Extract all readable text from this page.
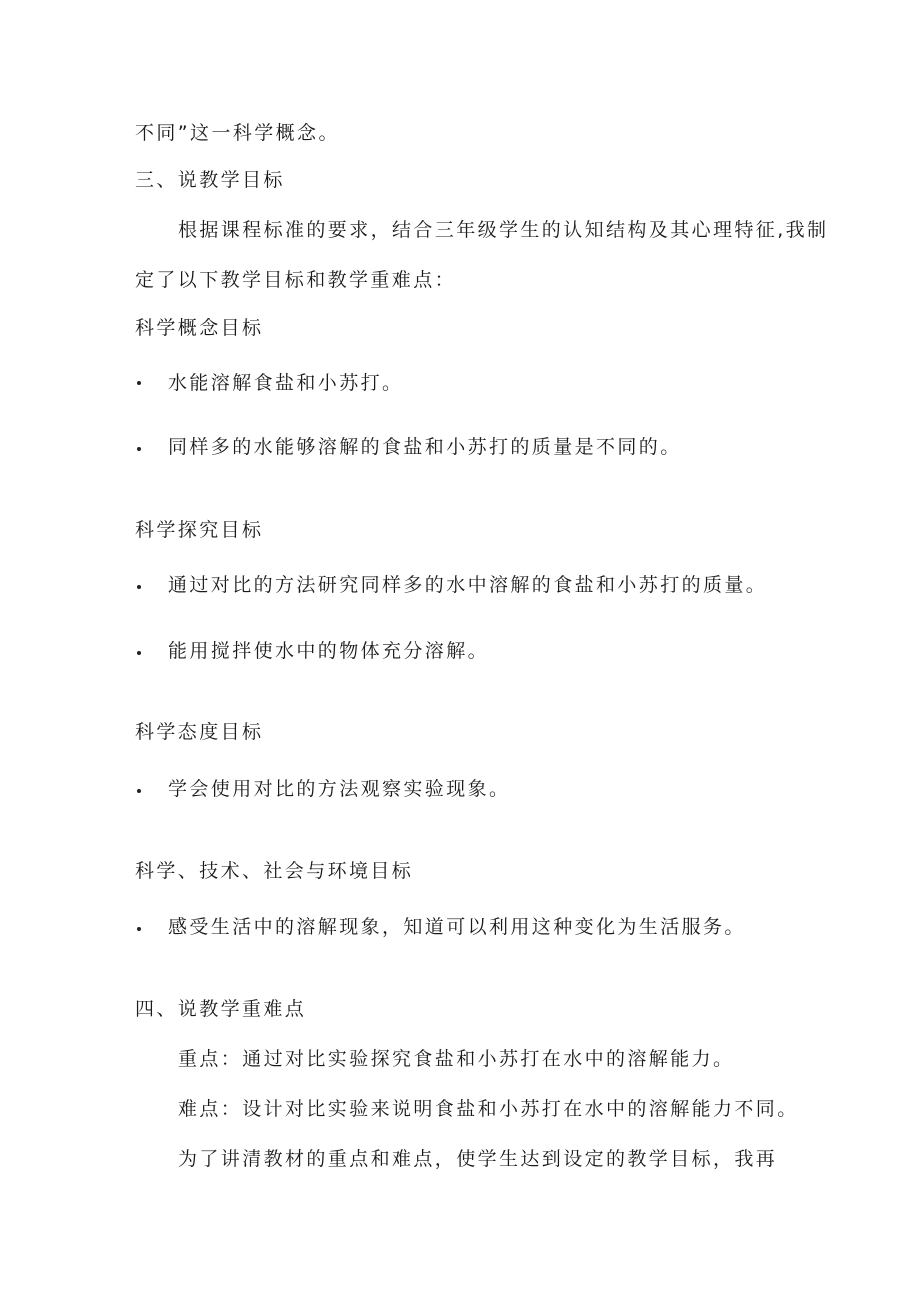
不同”这一科学概念。
三、说教学目标
根据课程标准的要求，结合三年级学生的认知结构及其心理特征,我制
定了以下教学目标和教学重难点：
科学概念目标
水能溶解食盐和小苏打。
同样多的水能够溶解的食盐和小苏打的质量是不同的。
科学探究目标
通过对比的方法研究同样多的水中溶解的食盐和小苏打的质量。
能用搅拌使水中的物体充分溶解。
科学态度目标
学会使用对比的方法观察实验现象。
科学、技术、社会与环境目标
感受生活中的溶解现象，知道可以利用这种变化为生活服务。
四、说教学重难点
重点：通过对比实验探究食盐和小苏打在水中的溶解能力。
难点：设计对比实验来说明食盐和小苏打在水中的溶解能力不同。
为了讲清教材的重点和难点，使学生达到设定的教学目标，我再
